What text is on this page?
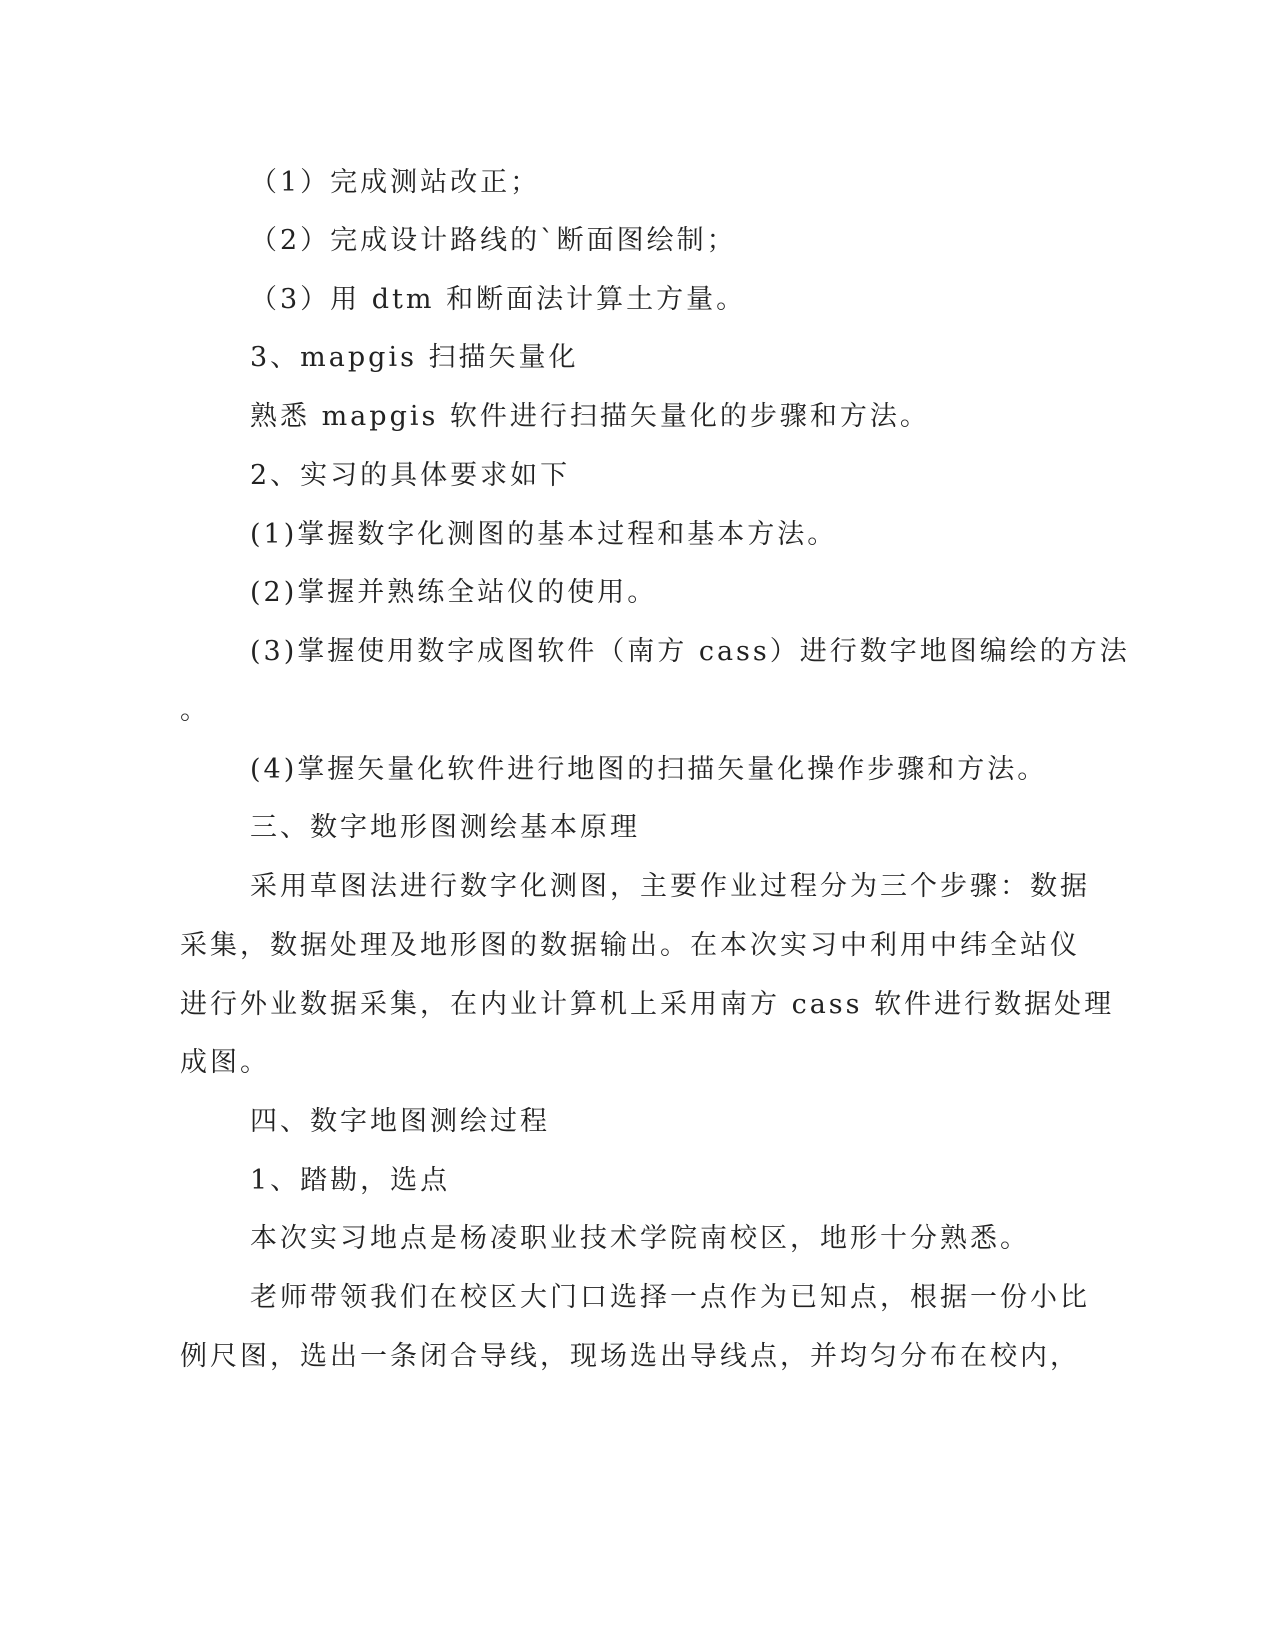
（1）完成测站改正；
（2）完成设计路线的`断面图绘制；
（3）用 dtm 和断面法计算土方量。
3、mapgis 扫描矢量化
熟悉 mapgis 软件进行扫描矢量化的步骤和方法。
2、实习的具体要求如下
(1)掌握数字化测图的基本过程和基本方法。
(2)掌握并熟练全站仪的使用。
(3)掌握使用数字成图软件（南方 cass）进行数字地图编绘的方法
。
(4)掌握矢量化软件进行地图的扫描矢量化操作步骤和方法。
三、数字地形图测绘基本原理
采用草图法进行数字化测图，主要作业过程分为三个步骤：数据
采集，数据处理及地形图的数据输出。在本次实习中利用中纬全站仪
进行外业数据采集，在内业计算机上采用南方 cass 软件进行数据处理
成图。
四、数字地图测绘过程
1、踏勘，选点
本次实习地点是杨凌职业技术学院南校区，地形十分熟悉。
老师带领我们在校区大门口选择一点作为已知点，根据一份小比
例尺图，选出一条闭合导线，现场选出导线点，并均匀分布在校内，
